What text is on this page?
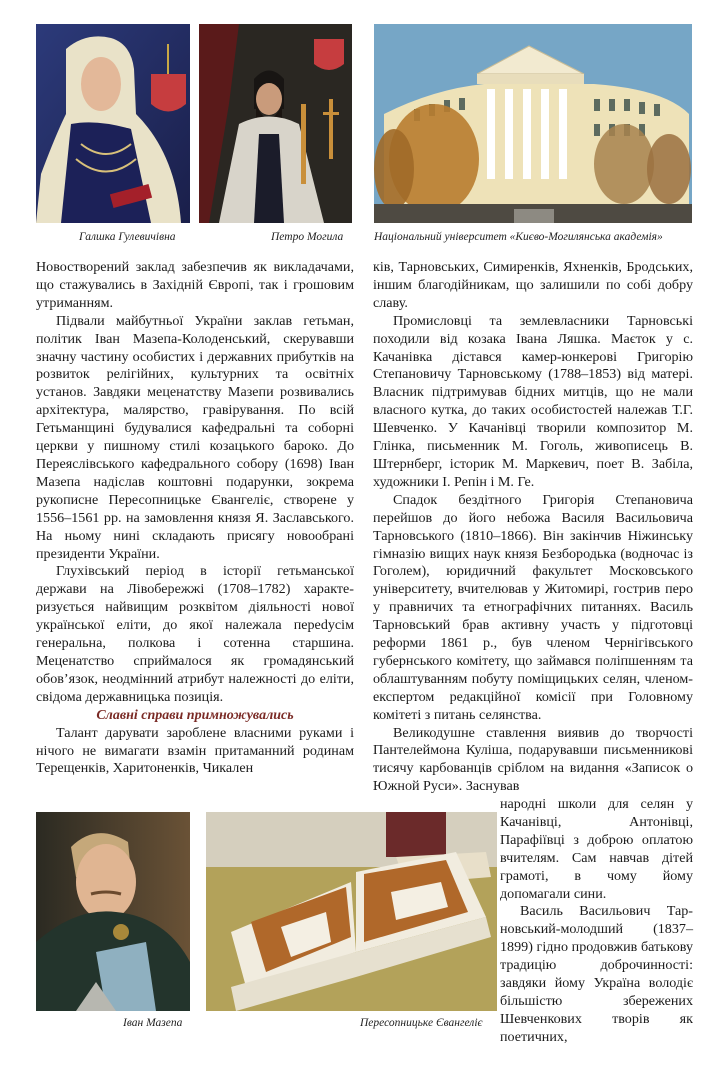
Галшка Гулевичівна	Петро Могила	Національний університет «Києво-Могилянська академія»

Новостворений заклад забезпечив як викладачами, що стажувались в Західній Європі, так і грошовим утриманням.

Підвали майбутньої України заклав гетьман, політик Іван Мазепа-Колоденський, скерувавши значну частину особистих і державних прибутків на розвиток релігійних, культурних та освітніх установ. Завдяки меценатству Мазепи розвивались архітектура, малярство, гравірування. По всій Гетьманщині будувалися кафедральні та соборні церкви у пишному стилі козацького бароко. До Переяслівського кафедрального собору (1698) Іван Мазепа надіслав коштовні подарунки, зокрема рукописне Пересопницьке Євангеліє, створене у 1556–1561 рр. на замовлення князя Я. Заславського. На ньому нині складають присягу новообрані президенти України.

Глухівський період в історії гетьманської держави на Лівобережжі (1708–1782) характеризується найвищим розквітом діяльності нової української еліти, до якої належала переdусім генеральна, полкова і сотенна старшина. Меценатство сприймалося як громадянський обов’язок, неодмінний атрибут належності до еліти, свідома державницька позиція.

Славні справи примножувались

Талант дарувати зароблене власними руками і нічого не вимагати взамін притаманний родинам Терещенків, Харитоненків, Чикален

ків, Тарновських, Симиренків, Яхненків, Бродських, іншим благодійникам, що залишили по собі добру славу.

Промисловці та землевласники Тарновські походили від козака Івана Ляшка. Маєток у с. Качанівка дістався камер-юнкерові Григорію Степановичу Тарновському (1788–1853) від матері. Власник підтримував бідних митців, що не мали власного кутка, до таких особистостей належав Т.Г. Шевченко. У Качанівці творили композитор М. Глінка, письменник М. Гоголь, живописець В. Штернберг, історик М. Маркевич, поет В. Забіла, художники І. Репін і М. Ге.

Спадок бездітного Григорія Степановича перейшов до його небожа Василя Васильовича Тарновського (1810–1866). Він закінчив Ніжинську гімназію вищих наук князя Безбородька (водночас із Гоголем), юридичний факультет Московського університету, вчителював у Житомирі, гострив перо у правничих та етнографічних питаннях. Василь Тарновський брав активну участь у підготовці реформи 1861 р., був членом Чернігівського губернського комітету, що займався поліпшенням та облаштуванням побуту поміщицьких селян, членом-експертом редакційної комісії при Головному комітеті з питань селянства.

Великодушне ставлення виявив до творчості Пантелеймона Куліша, подарувавши письменникові тисячу карбованців сріблом на видання «Записок о Южной Руси». Заснував

народні школи для селян у Качанівці, Антонівці, Парафіївці з доброю оплатою вчителям. Сам навчав дітей грамоті, в чому йому допомагали сини.

Василь Васильович Тарновський-молодший (1837–1899) гідно продовжив батькову традицію доброчинності: завдяки йому Україна володіє більшістю збережених Шевченкових творів як поетичних,

Іван Мазепа	Пересопницьке Євангеліє
